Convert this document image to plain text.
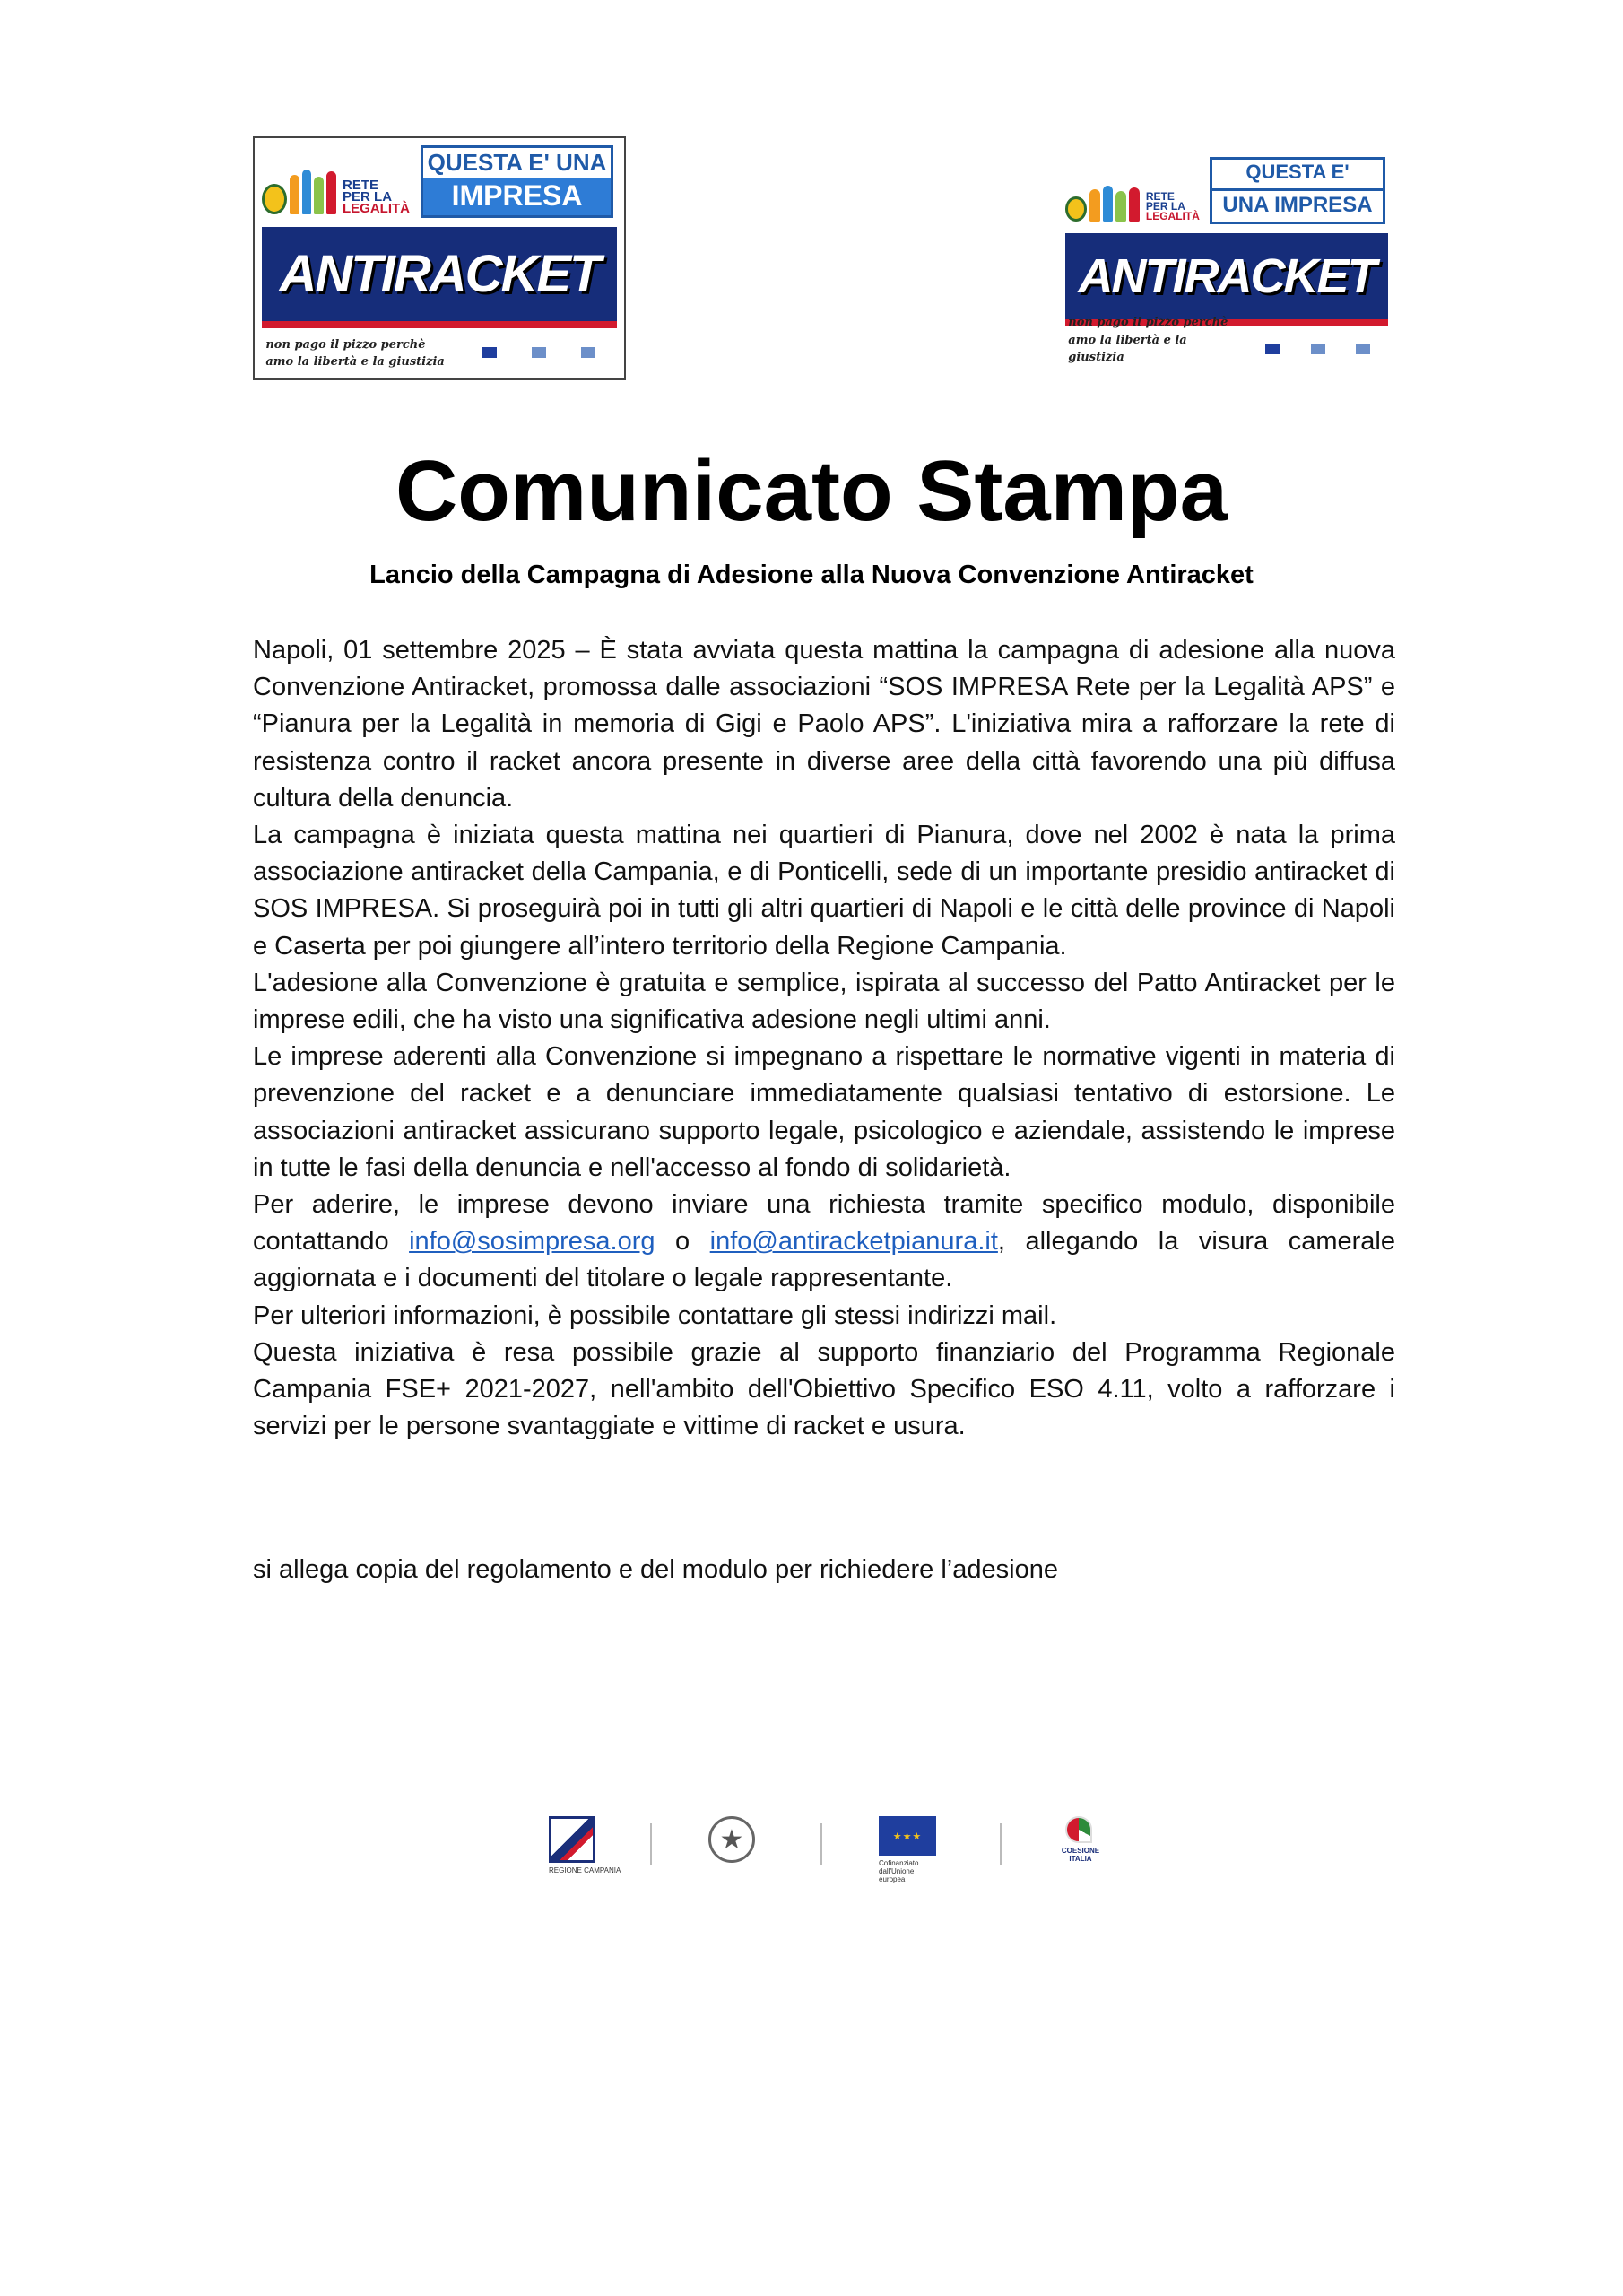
RETE
PER LA
LEGALITÀ
QUESTA E' UNA
IMPRESA
ANTIRACKET
non pago il pizzo perchè
amo la libertà e la giustizia
RETE
PER LA
LEGALITÀ
QUESTA E'
UNA IMPRESA
ANTIRACKET
non pago il pizzo perchè
amo la libertà e la giustizia
Comunicato Stampa
Lancio della Campagna di Adesione alla Nuova Convenzione Antiracket

Napoli, 01 settembre 2025 – È stata avviata questa mattina la campagna di adesione alla nuova Convenzione Antiracket, promossa dalle associazioni “SOS IMPRESA Rete per la Legalità APS” e “Pianura per la Legalità in memoria di Gigi e Paolo APS”. L'iniziativa mira a rafforzare la rete di resistenza contro il racket ancora presente in diverse aree della città favorendo una più diffusa cultura della denuncia.

La campagna è iniziata questa mattina nei quartieri di Pianura, dove nel 2002 è nata la prima associazione antiracket della Campania, e di Ponticelli, sede di un importante presidio antiracket di SOS IMPRESA. Si proseguirà poi in tutti gli altri quartieri di Napoli e le città delle province di Napoli e Caserta per poi giungere all’intero territorio della Regione Campania.

L'adesione alla Convenzione è gratuita e semplice, ispirata al successo del Patto Antiracket per le imprese edili, che ha visto una significativa adesione negli ultimi anni.

Le imprese aderenti alla Convenzione si impegnano a rispettare le normative vigenti in materia di prevenzione del racket e a denunciare immediatamente qualsiasi tentativo di estorsione. Le associazioni antiracket assicurano supporto legale, psicologico e aziendale, assistendo le imprese in tutte le fasi della denuncia e nell'accesso al fondo di solidarietà.

Per aderire, le imprese devono inviare una richiesta tramite specifico modulo, disponibile contattando info@sosimpresa.org o info@antiracketpianura.it, allegando la visura camerale aggiornata e i documenti del titolare o legale rappresentante.

Per ulteriori informazioni, è possibile contattare gli stessi indirizzi mail.

Questa iniziativa è resa possibile grazie al supporto finanziario del Programma Regionale Campania FSE+ 2021-2027, nell'ambito dell'Obiettivo Specifico ESO 4.11, volto a rafforzare i servizi per le persone svantaggiate e vittime di racket e usura.

si allega copia del regolamento e del modulo per richiedere l’adesione

REGIONE CAMPANIA
★	★★★
Cofinanziato
dall'Unione europea
COESIONE
ITALIA
